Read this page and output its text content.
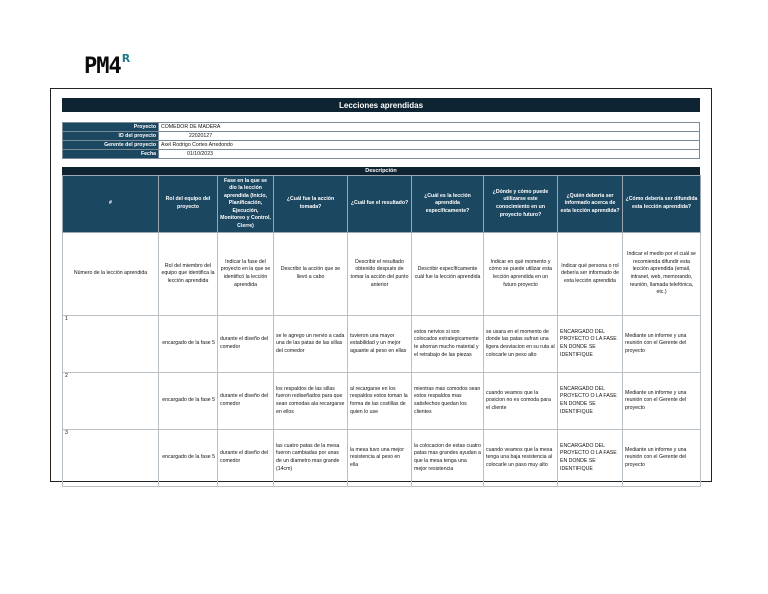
PM4 R
Lecciones aprendidas
Proyecto	COMEDOR DE MADERA
ID del proyecto	22020127
Gerente del proyecto	Axel Rodrigo Cortes Arredondo
Fecha	01/10/2023
Descripción
#	Rol del equipo del proyecto	Fase en la que se dio la lección aprendida (Inicio, Planificación, Ejecución, Monitoreo y Control, Cierre)	¿Cuál fue la acción tomada?	¿Cuál fue el resultado?	¿Cuál es la lección aprendida específicamente?	¿Dónde y cómo puede utilizarse este conocimiento en un proyecto futuro?	¿Quién debería ser informado acerca de esta lección aprendida?	¿Cómo debería ser difundida esta lección aprendida?
Número de la lección aprendida	Rol del miembro del equipo que identifica la lección aprendida	Indicar la fase del proyecto en la que se identificó la lección aprendida	Describir la acción que se llevó a cabo	Describir el resultado obtenido después de tomar la acción del punto anterior	Describir específicamente cuál fue la lección aprendida	Indicar en qué momento y cómo se puede utilizar esta lección aprendida en un futuro proyecto	Indicar qué persona o rol debería ser informado de esta lección aprendida	Indicar el medio por el cuál se recomienda difundir esta lección aprendida (email, intranet, web, memorando, reunión, llamada telefónica, etc.)
1	encargado de la fase 5	durante el diseño del comedor	se le agrego un nervio a cada una de las patas de las sillas del comedor	tuvieron una mayor estabilidad y un mejor aguante al peso en ellas	estos nervios si son colocados estrategicamente te ahorran mucho material y el retrabajo de las piezas	se usara en el momento de donde las patas sufran una ligera desviacion en su ruta al colocarle un peso alto	ENCARGADO DEL PROYECTO O LA FASE EN DONDE SE IDENTIFIQUE	Mediante un informe y una reunión con el Gerente del proyecto
2	encargado de la fase 5	durante el diseño del comedor	los respaldos de las sillas fueron rediseñados para que sean comodas ala recargarse en ellos	al recargarse en los respaldos estos toman la forma de las costillas de quien lo use	mientras mas comodos sean estos respaldos mas satisfechos quedan los clientes	cuando veamos que la posicion no es comoda para el cliente	ENCARGADO DEL PROYECTO O LA FASE EN DONDE SE IDENTIFIQUE	Mediante un informe y una reunión con el Gerente del proyecto
3	encargado de la fase 5	durante el diseño del comedor	las cuatro patas de la mesa fueron cambiadas por unas de un diametro mas grande (14cm)	la mesa tuvo una mejor resistencia al peso en ella	la colocacion de estas cuatro patas mas grandes ayudan a que la mesa tenga una mejor resistencia	cuando veamos que la mesa tenga una baja resistencia al colocarle un paso muy alto	ENCARGADO DEL PROYECTO O LA FASE EN DONDE SE IDENTIFIQUE	Mediante un informe y una reunión con el Gerente del proyecto
